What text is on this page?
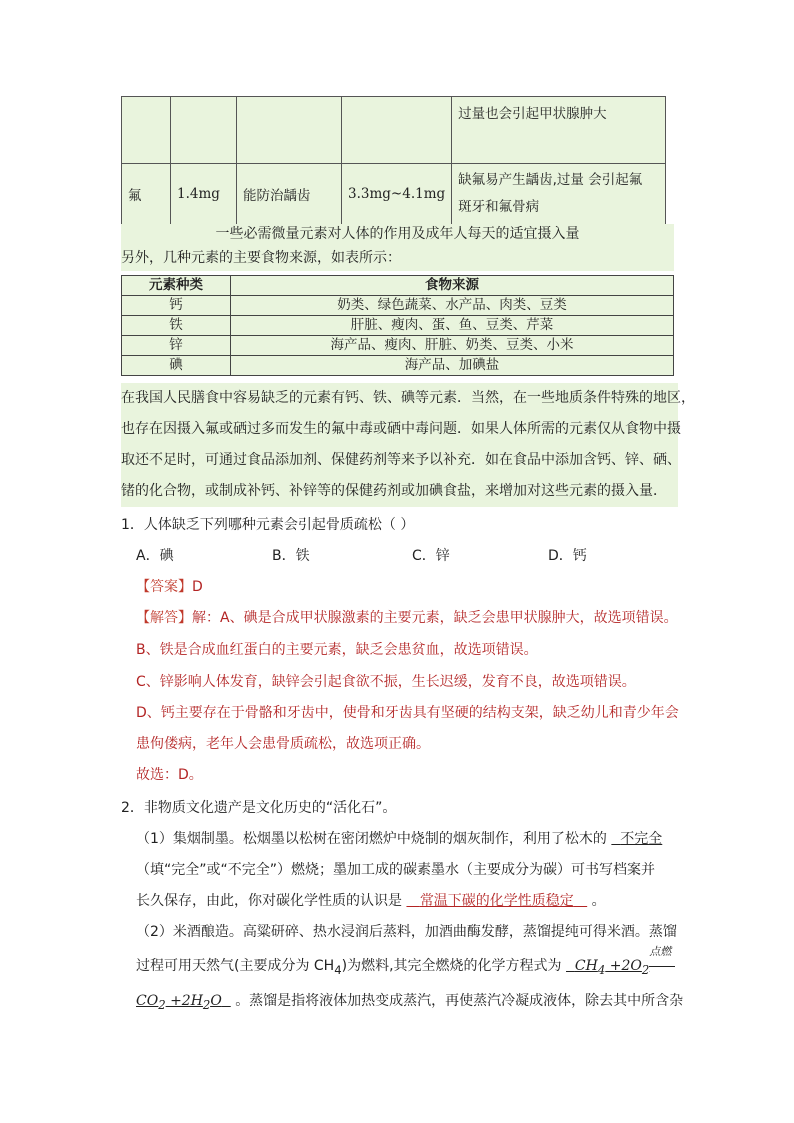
				过量也会引起甲状腺肿大
氟	1.4mg	能防治龋齿	3.3mg~4.1mg	缺氟易产生龋齿,过量 会引起氟
斑牙和氟骨病
一些必需微量元素对人体的作用及成年人每天的适宜摄入量
另外，几种元素的主要食物来源，如表所示：
元素种类	食物来源
钙	奶类、绿色蔬菜、水产品、肉类、豆类
铁	肝脏、瘦肉、蛋、鱼、豆类、芹菜
锌	海产品、瘦肉、肝脏、奶类、豆类、小米
碘	海产品、加碘盐
在我国人民膳食中容易缺乏的元素有钙、铁、碘等元素．当然，在一些地质条件特殊的地区，
也存在因摄入氟或硒过多而发生的氟中毒或硒中毒问题．如果人体所需的元素仅从食物中摄
取还不足时，可通过食品添加剂、保健药剂等来予以补充．如在食品中添加含钙、锌、硒、
锗的化合物，或制成补钙、补锌等的保健药剂或加碘食盐，来增加对这些元素的摄入量．
1．人体缺乏下列哪种元素会引起骨质疏松（ ）
A．碘	B．铁	C．锌	D．钙
【答案】D
【解答】解：A、碘是合成甲状腺激素的主要元素，缺乏会患甲状腺肿大，故选项错误。
B、铁是合成血红蛋白的主要元素，缺乏会患贫血，故选项错误。
C、锌影响人体发育，缺锌会引起食欲不振，生长迟缓，发育不良，故选项错误。
D、钙主要存在于骨骼和牙齿中，使骨和牙齿具有坚硬的结构支架，缺乏幼儿和青少年会
患佝偻病，老年人会患骨质疏松，故选项正确。
故选：D。
2．非物质文化遗产是文化历史的“活化石”。
（1）集烟制墨。松烟墨以松树在密闭燃炉中烧制的烟灰制作，利用了松木的 不完全
（填“完全”或“不完全”）燃烧；墨加工成的碳素墨水（主要成分为碳）可书写档案并
长久保存，由此，你对碳化学性质的认识是 常温下碳的化学性质稳定 。
（2）米酒酿造。高粱研碎、热水浸润后蒸料，加酒曲酶发酵，蒸馏提纯可得米酒。蒸馏
过程可用天然气(主要成分为 $CH_4$)为燃料,其完全燃烧的化学方程式为 $CH_4 +2O_2$
点燃
$CO_2 +2H_2O$ 。蒸馏是指将液体加热变成蒸汽，再使蒸汽冷凝成液体，除去其中所含杂
